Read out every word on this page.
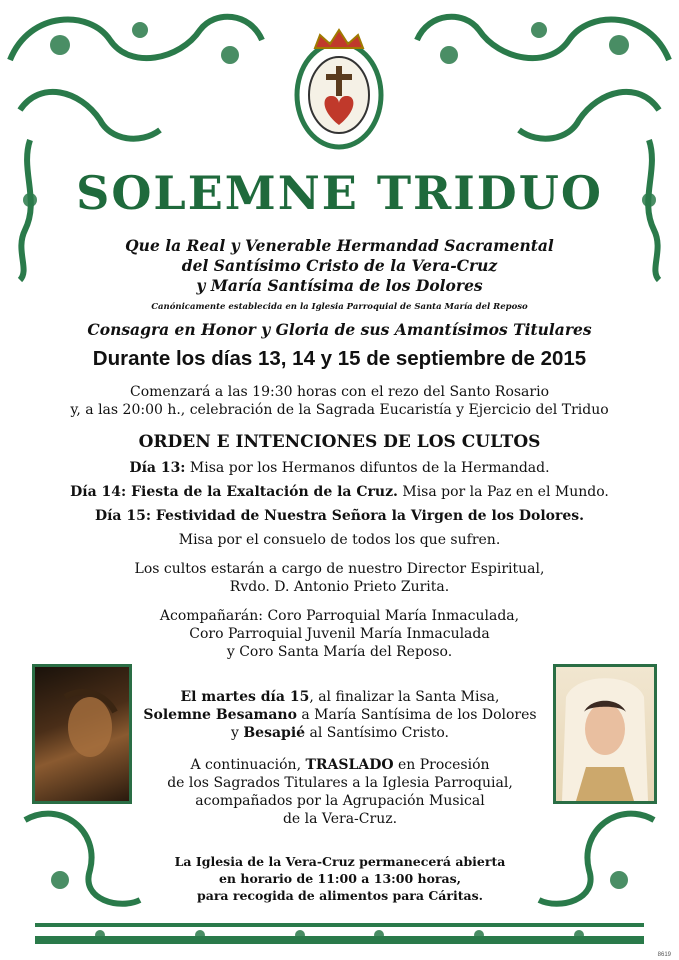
SOLEMNE TRIDUO
Que la Real y Venerable Hermandad Sacramental
del Santísimo Cristo de la Vera-Cruz
y María Santísima de los Dolores
Canónicamente establecida en la Iglesia Parroquial de Santa María del Reposo
Consagra en Honor y Gloria de sus Amantísimos Titulares
Durante los días 13, 14 y 15 de septiembre de 2015
Comenzará a las 19:30 horas con el rezo del Santo Rosario
y, a las 20:00 h., celebración de la Sagrada Eucaristía y Ejercicio del Triduo
ORDEN E INTENCIONES DE LOS CULTOS
Día 13: Misa por los Hermanos difuntos de la Hermandad.
Día 14: Fiesta de la Exaltación de la Cruz. Misa por la Paz en el Mundo.
Día 15: Festividad de Nuestra Señora la Virgen de los Dolores.
Misa por el consuelo de todos los que sufren.
Los cultos estarán a cargo de nuestro Director Espiritual,
Rvdo. D. Antonio Prieto Zurita.
Acompañarán: Coro Parroquial María Inmaculada,
Coro Parroquial Juvenil María Inmaculada
y Coro Santa María del Reposo.
El martes día 15, al finalizar la Santa Misa,
Solemne Besamano a María Santísima de los Dolores
y Besapié al Santísimo Cristo.
A continuación, TRASLADO en Procesión
de los Sagrados Titulares a la Iglesia Parroquial,
acompañados por la Agrupación Musical
de la Vera-Cruz.
La Iglesia de la Vera-Cruz permanecerá abierta
en horario de 11:00 a 13:00 horas,
para recogida de alimentos para Cáritas.
8619
